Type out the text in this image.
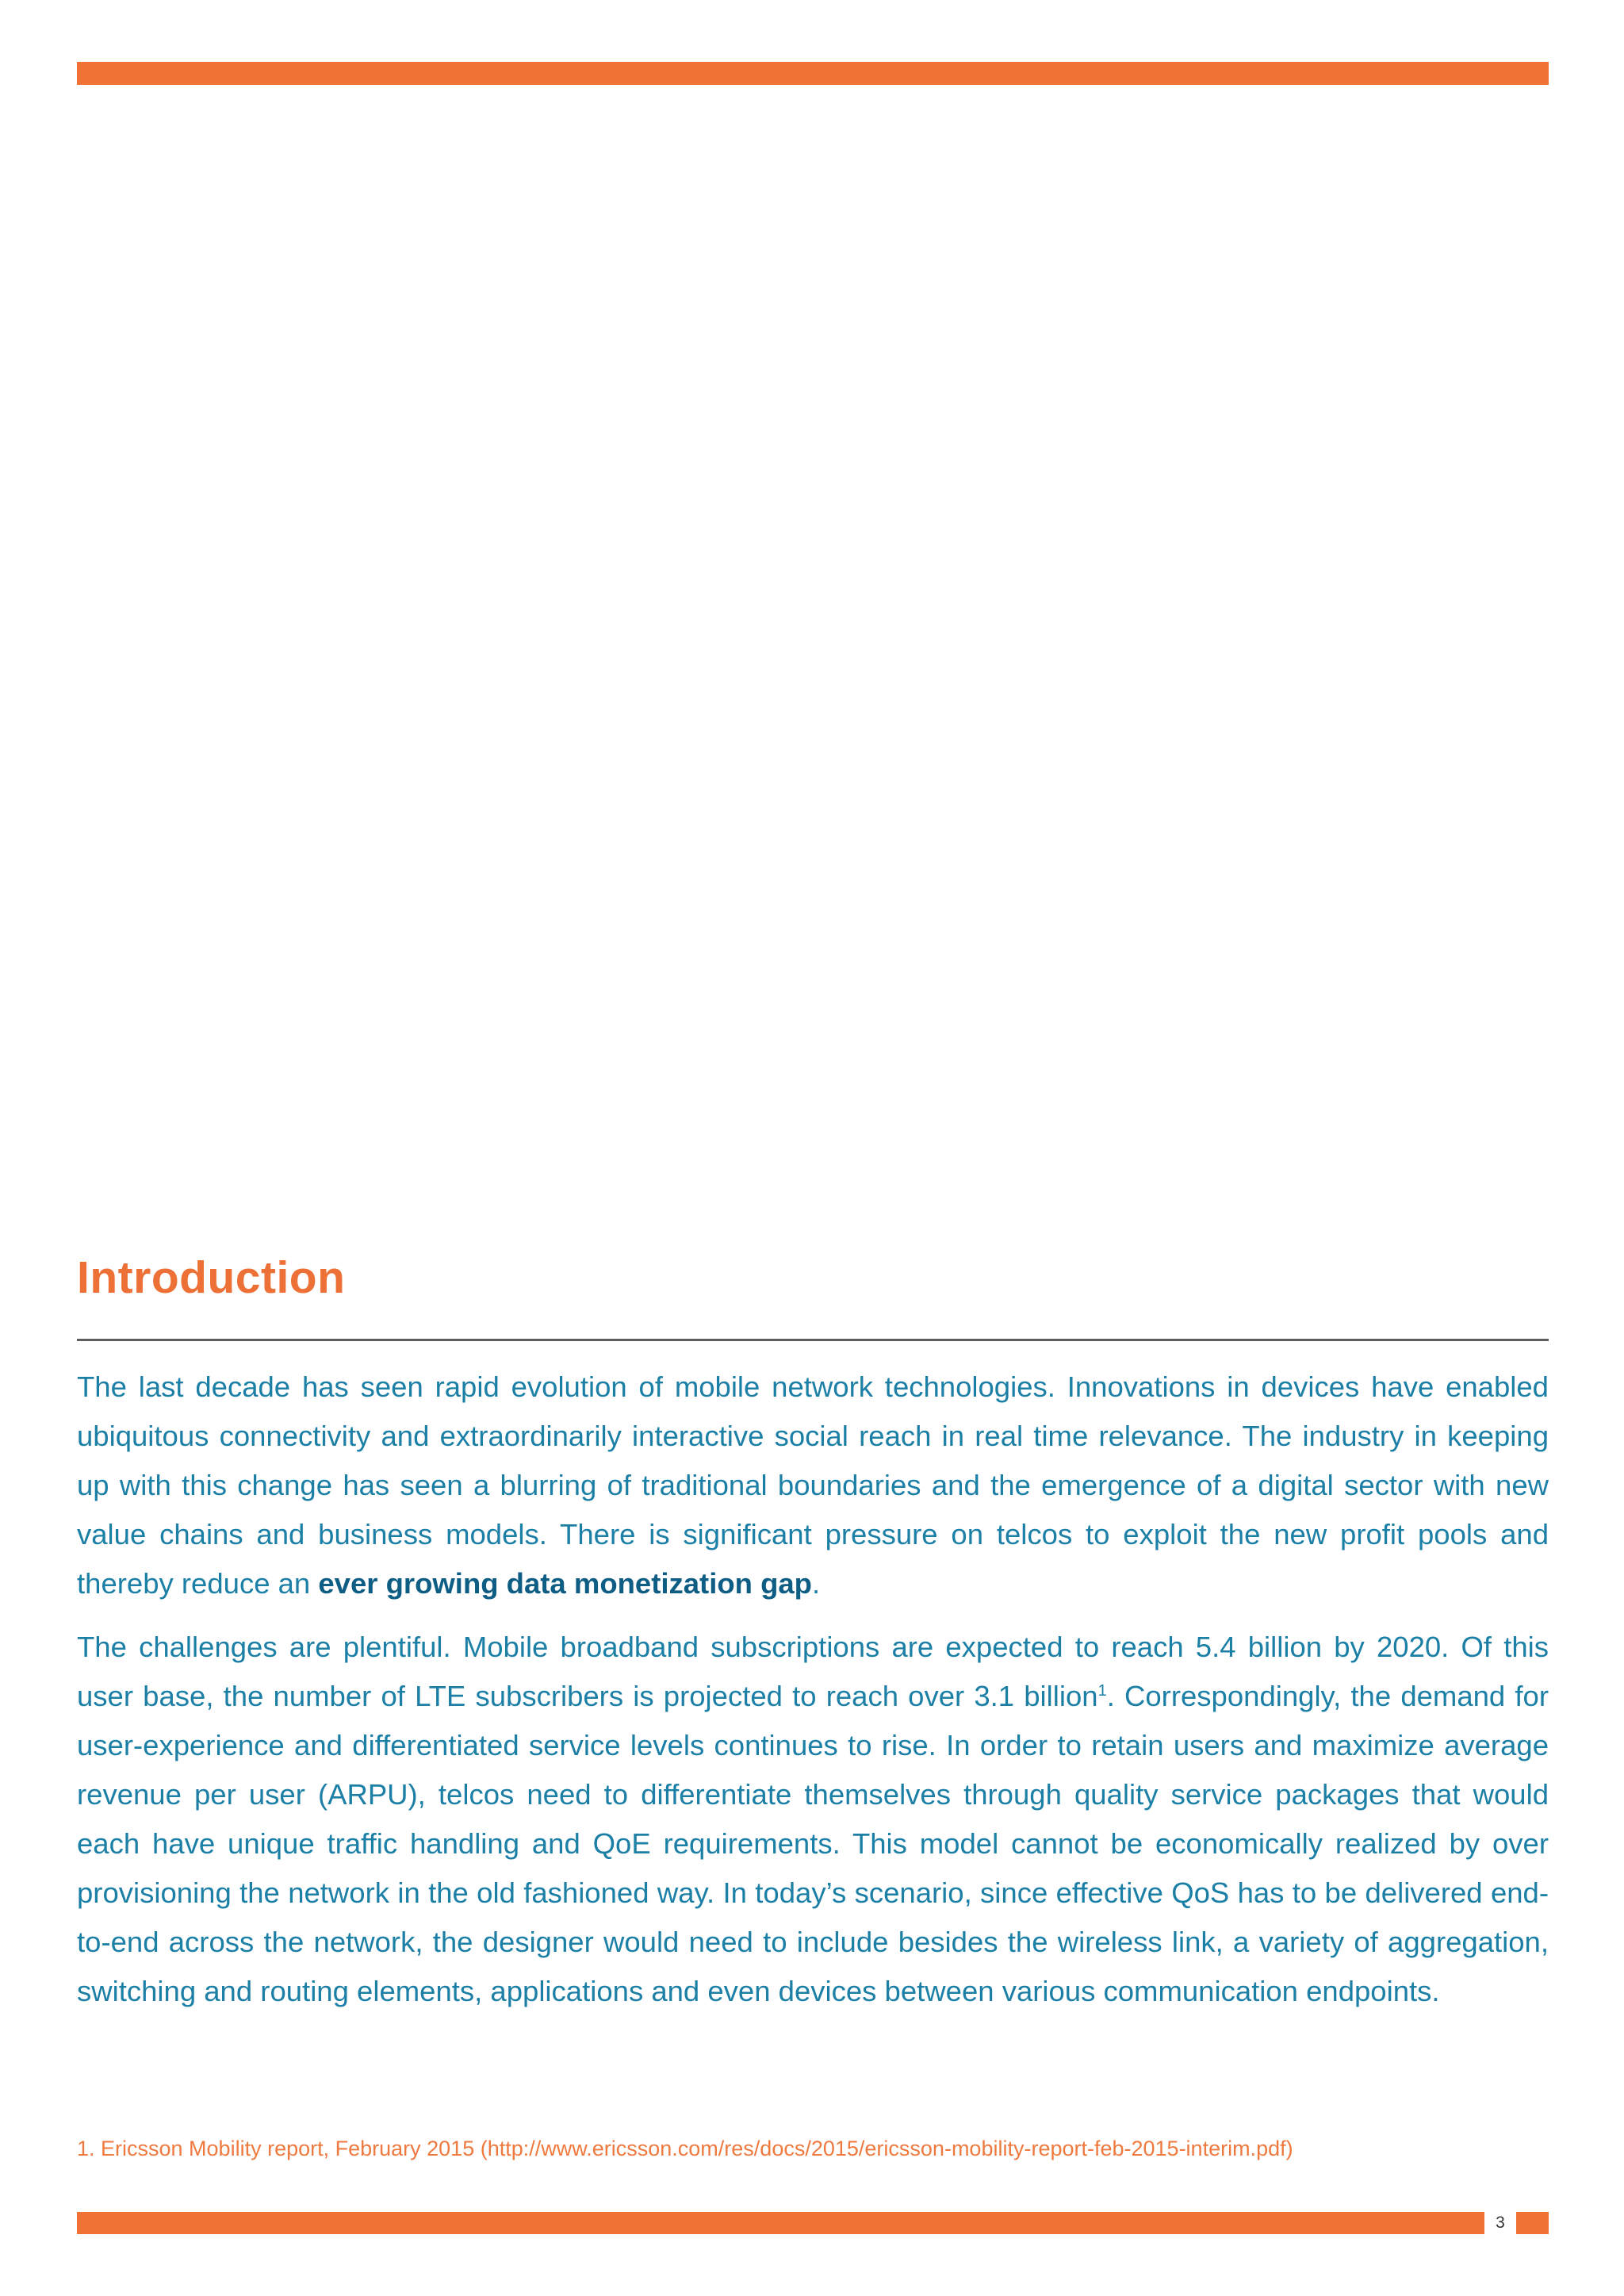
Introduction

The last decade has seen rapid evolution of mobile network technologies. Innovations in devices have enabled ubiquitous connectivity and extraordinarily interactive social reach in real time relevance. The industry in keeping up with this change has seen a blurring of traditional boundaries and the emergence of a digital sector with new value chains and business models. There is significant pressure on telcos to exploit the new profit pools and thereby reduce an ever growing data monetization gap.

The challenges are plentiful. Mobile broadband subscriptions are expected to reach 5.4 billion by 2020. Of this user base, the number of LTE subscribers is projected to reach over 3.1 billion$^1$. Correspondingly, the demand for user-experience and differentiated service levels continues to rise. In order to retain users and maximize average revenue per user (ARPU), telcos need to differentiate themselves through quality service packages that would each have unique traffic handling and QoE requirements. This model cannot be economically realized by over provisioning the network in the old fashioned way. In today’s scenario, since effective QoS has to be delivered end-to-end across the network, the designer would need to include besides the wireless link, a variety of aggregation, switching and routing elements, applications and even devices between various communication endpoints.

1. Ericsson Mobility report, February 2015 (http://www.ericsson.com/res/docs/2015/ericsson-mobility-report-feb-2015-interim.pdf)
3
